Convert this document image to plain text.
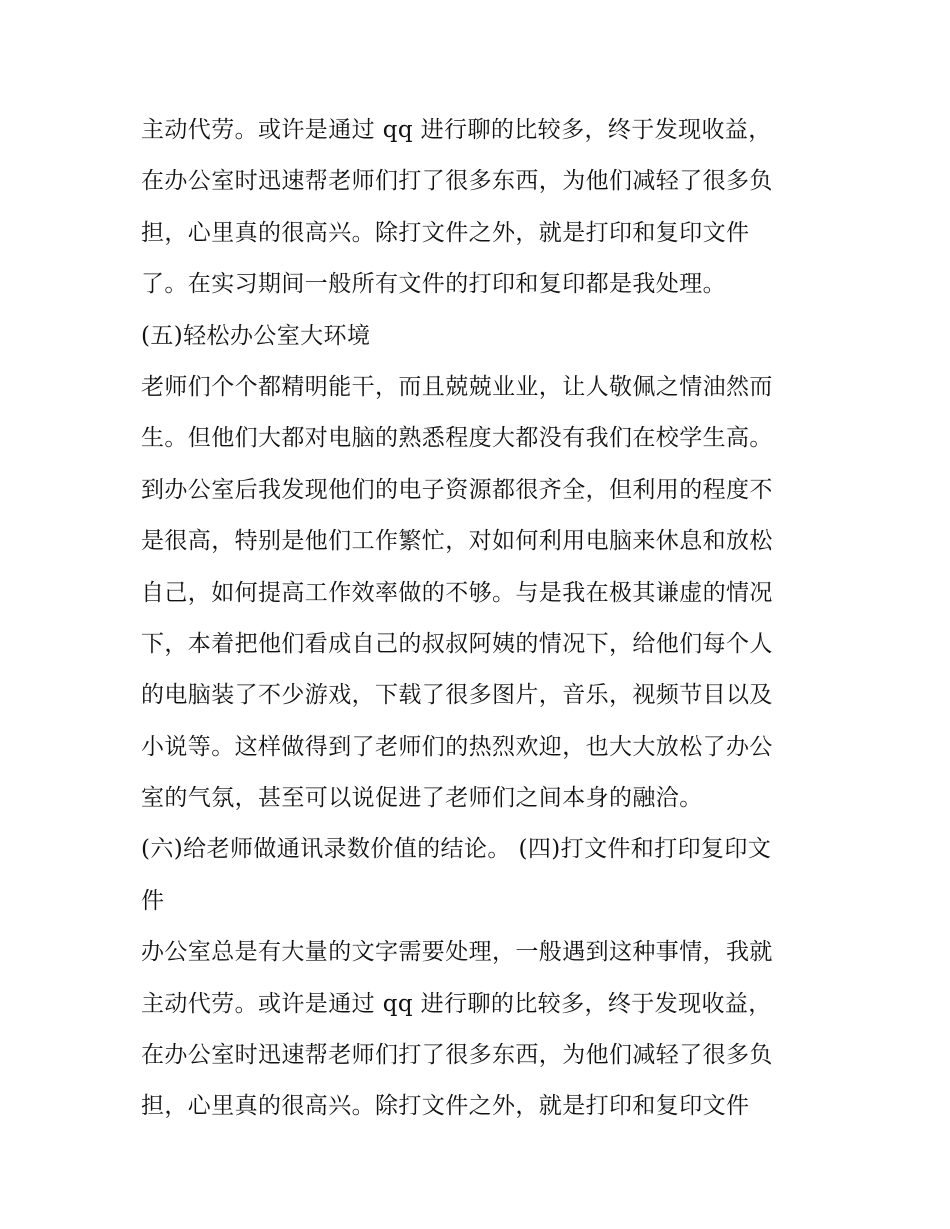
主动代劳。或许是通过 qq 进行聊的比较多，终于发现收益，
在办公室时迅速帮老师们打了很多东西，为他们减轻了很多负
担，心里真的很高兴。除打文件之外，就是打印和复印文件
了。在实习期间一般所有文件的打印和复印都是我处理。
(五)轻松办公室大环境
老师们个个都精明能干，而且兢兢业业，让人敬佩之情油然而
生。但他们大都对电脑的熟悉程度大都没有我们在校学生高。
到办公室后我发现他们的电子资源都很齐全，但利用的程度不
是很高，特别是他们工作繁忙，对如何利用电脑来休息和放松
自己，如何提高工作效率做的不够。与是我在极其谦虚的情况
下，本着把他们看成自己的叔叔阿姨的情况下，给他们每个人
的电脑装了不少游戏，下载了很多图片，音乐，视频节目以及
小说等。这样做得到了老师们的热烈欢迎，也大大放松了办公
室的气氛，甚至可以说促进了老师们之间本身的融洽。
(六)给老师做通讯录数价值的结论。 (四)打文件和打印复印文
件
办公室总是有大量的文字需要处理，一般遇到这种事情，我就
主动代劳。或许是通过 qq 进行聊的比较多，终于发现收益，
在办公室时迅速帮老师们打了很多东西，为他们减轻了很多负
担，心里真的很高兴。除打文件之外，就是打印和复印文件
